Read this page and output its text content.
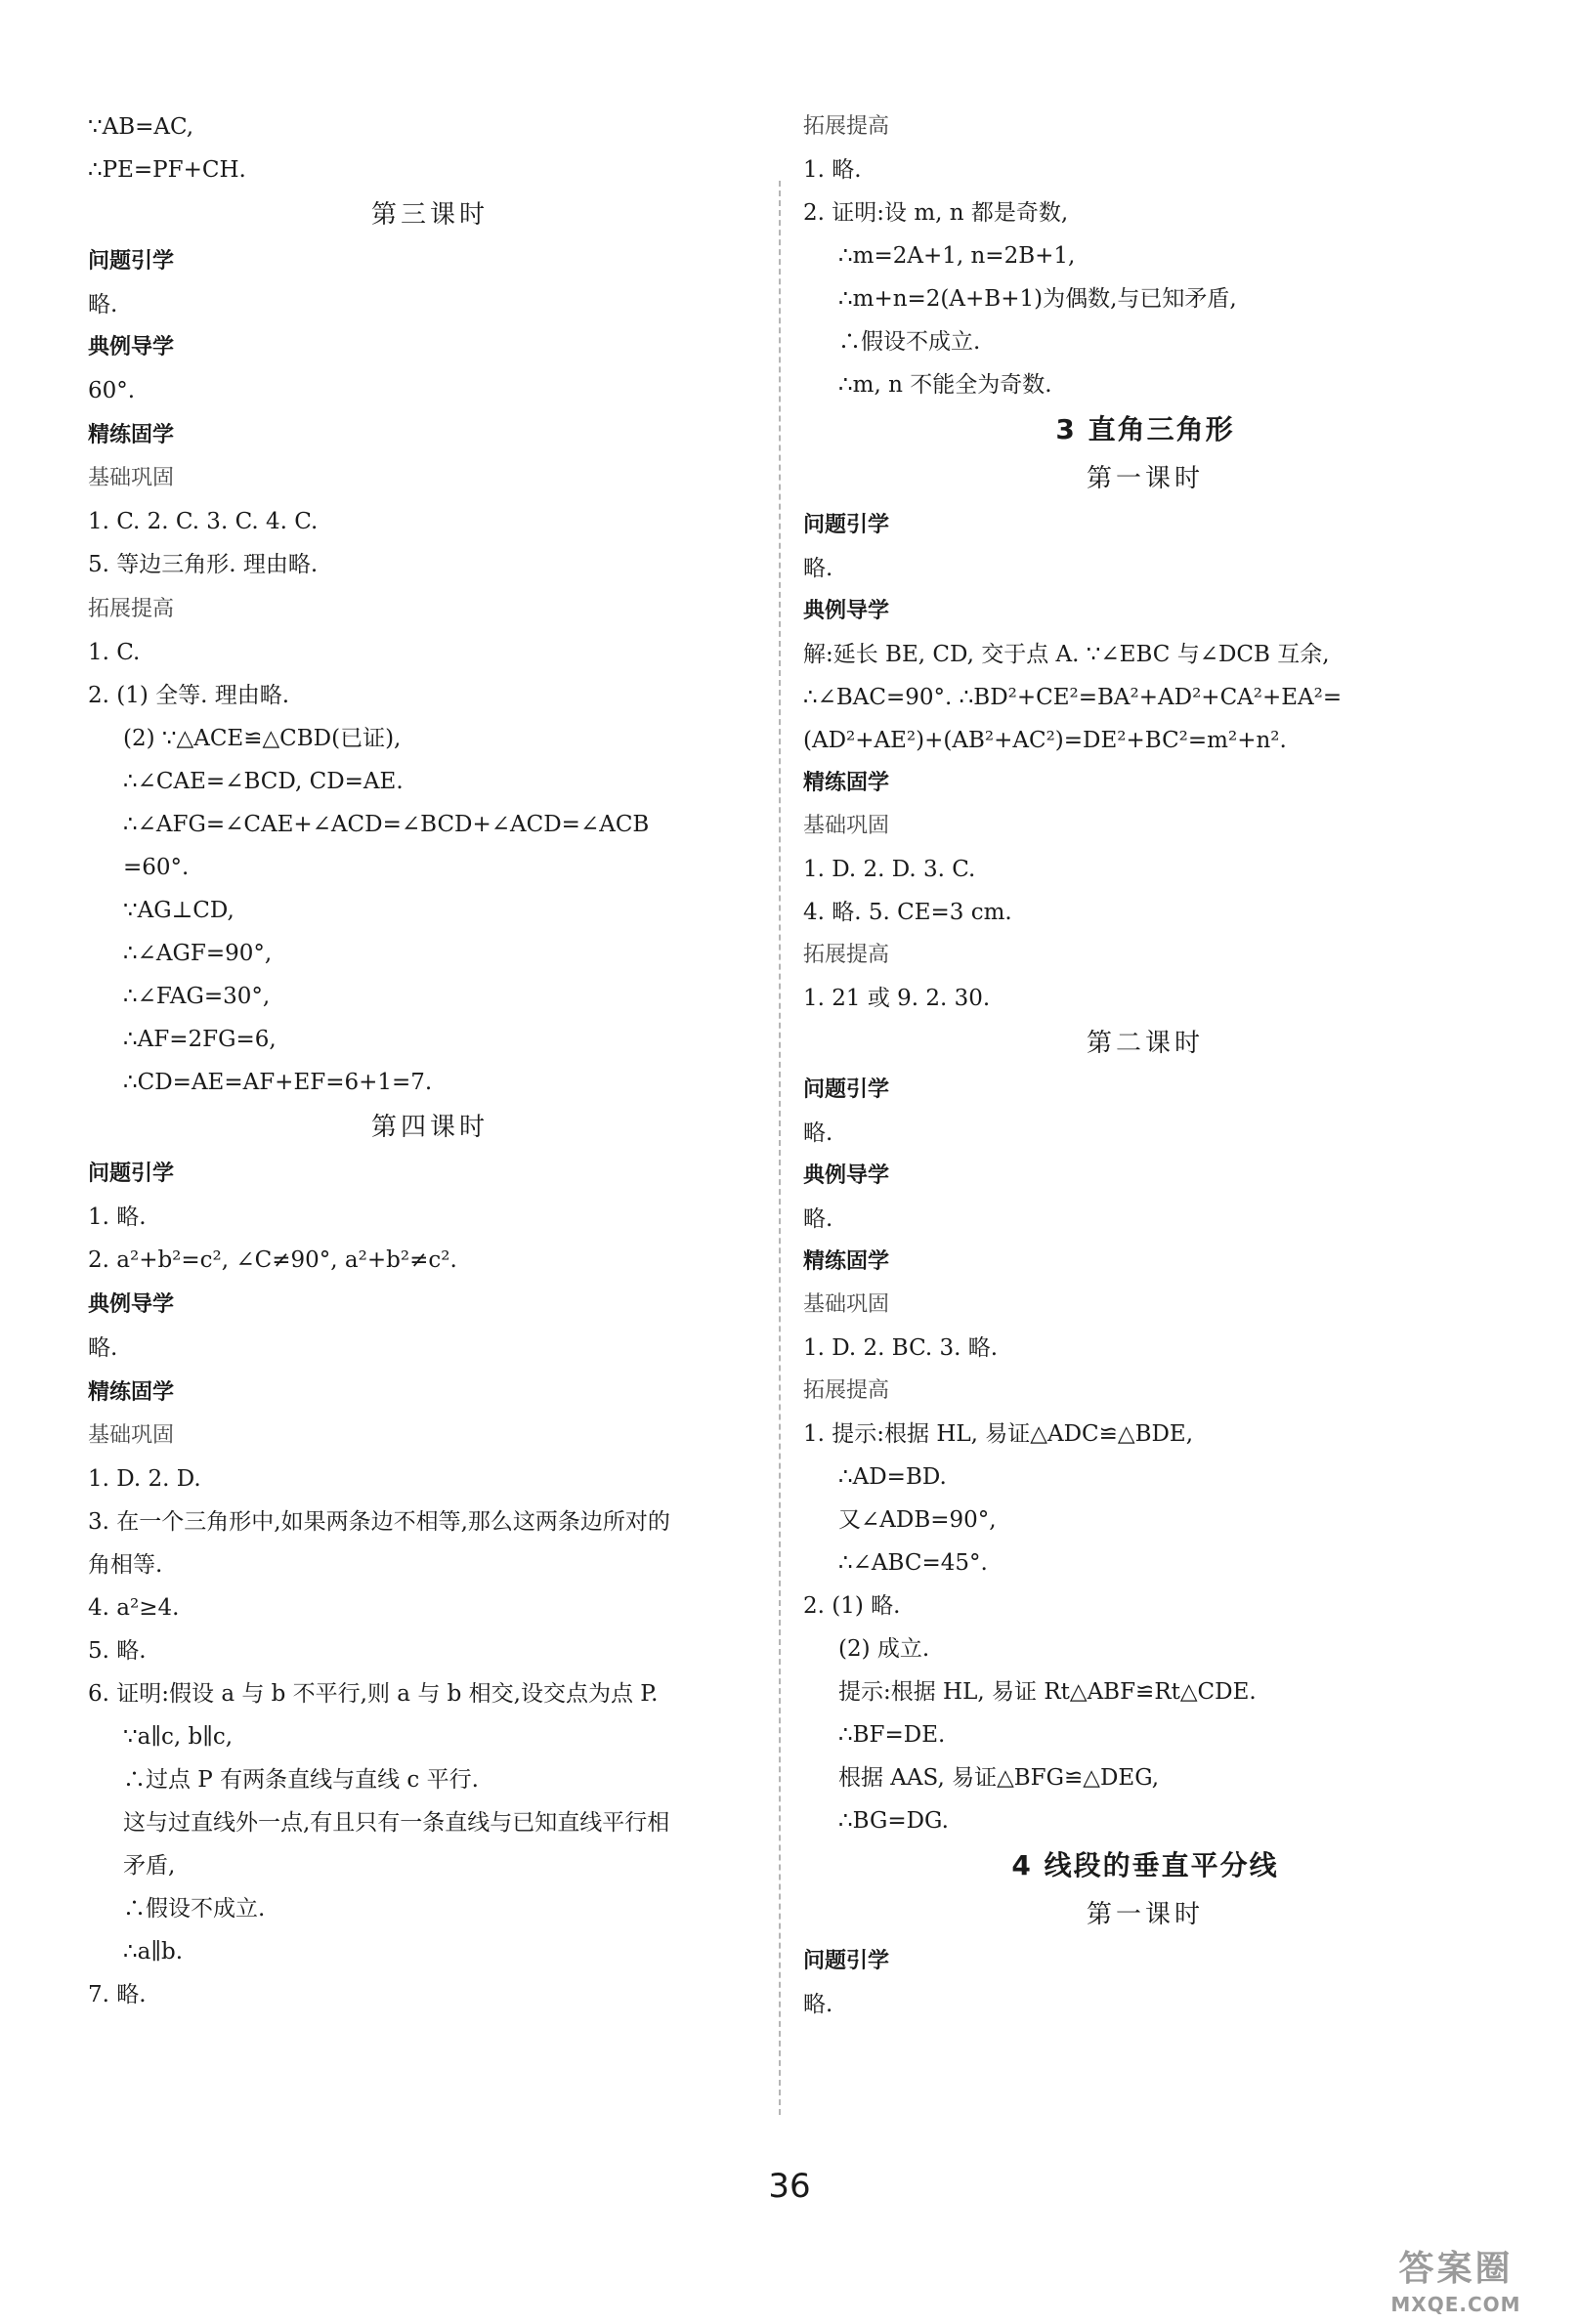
∵AB=AC,
∴PE=PF+CH.
第三课时
问题引学
略.
典例导学
60°.
精练固学
基础巩固
1. C. 2. C. 3. C. 4. C.
5. 等边三角形. 理由略.
拓展提高
1. C.
2. (1) 全等. 理由略.
(2) ∵△ACE≌△CBD(已证),
∴∠CAE=∠BCD, CD=AE.
∴∠AFG=∠CAE+∠ACD=∠BCD+∠ACD=∠ACB
=60°.
∵AG⊥CD,
∴∠AGF=90°,
∴∠FAG=30°,
∴AF=2FG=6,
∴CD=AE=AF+EF=6+1=7.
第四课时
问题引学
1. 略.
2. a²+b²=c², ∠C≠90°, a²+b²≠c².
典例导学
略.
精练固学
基础巩固
1. D. 2. D.
3. 在一个三角形中,如果两条边不相等,那么这两条边所对的
角相等.
4. a²≥4.
5. 略.
6. 证明:假设 a 与 b 不平行,则 a 与 b 相交,设交点为点 P.
∵a∥c, b∥c,
∴过点 P 有两条直线与直线 c 平行.
这与过直线外一点,有且只有一条直线与已知直线平行相
矛盾,
∴假设不成立.
∴a∥b.
7. 略.
拓展提高
1. 略.
2. 证明:设 m, n 都是奇数,
∴m=2A+1, n=2B+1,
∴m+n=2(A+B+1)为偶数,与已知矛盾,
∴假设不成立.
∴m, n 不能全为奇数.
3 直角三角形
第一课时
问题引学
略.
典例导学
解:延长 BE, CD, 交于点 A. ∵∠EBC 与∠DCB 互余,
∴∠BAC=90°. ∴BD²+CE²=BA²+AD²+CA²+EA²=
(AD²+AE²)+(AB²+AC²)=DE²+BC²=m²+n².
精练固学
基础巩固
1. D. 2. D. 3. C.
4. 略. 5. CE=3 cm.
拓展提高
1. 21 或 9. 2. 30.
第二课时
问题引学
略.
典例导学
略.
精练固学
基础巩固
1. D. 2. BC. 3. 略.
拓展提高
1. 提示:根据 HL, 易证△ADC≌△BDE,
∴AD=BD.
又∠ADB=90°,
∴∠ABC=45°.
2. (1) 略.
(2) 成立.
提示:根据 HL, 易证 Rt△ABF≌Rt△CDE.
∴BF=DE.
根据 AAS, 易证△BFG≌△DEG,
∴BG=DG.
4 线段的垂直平分线
第一课时
问题引学
略.
36
答案圈
MXQE.COM
